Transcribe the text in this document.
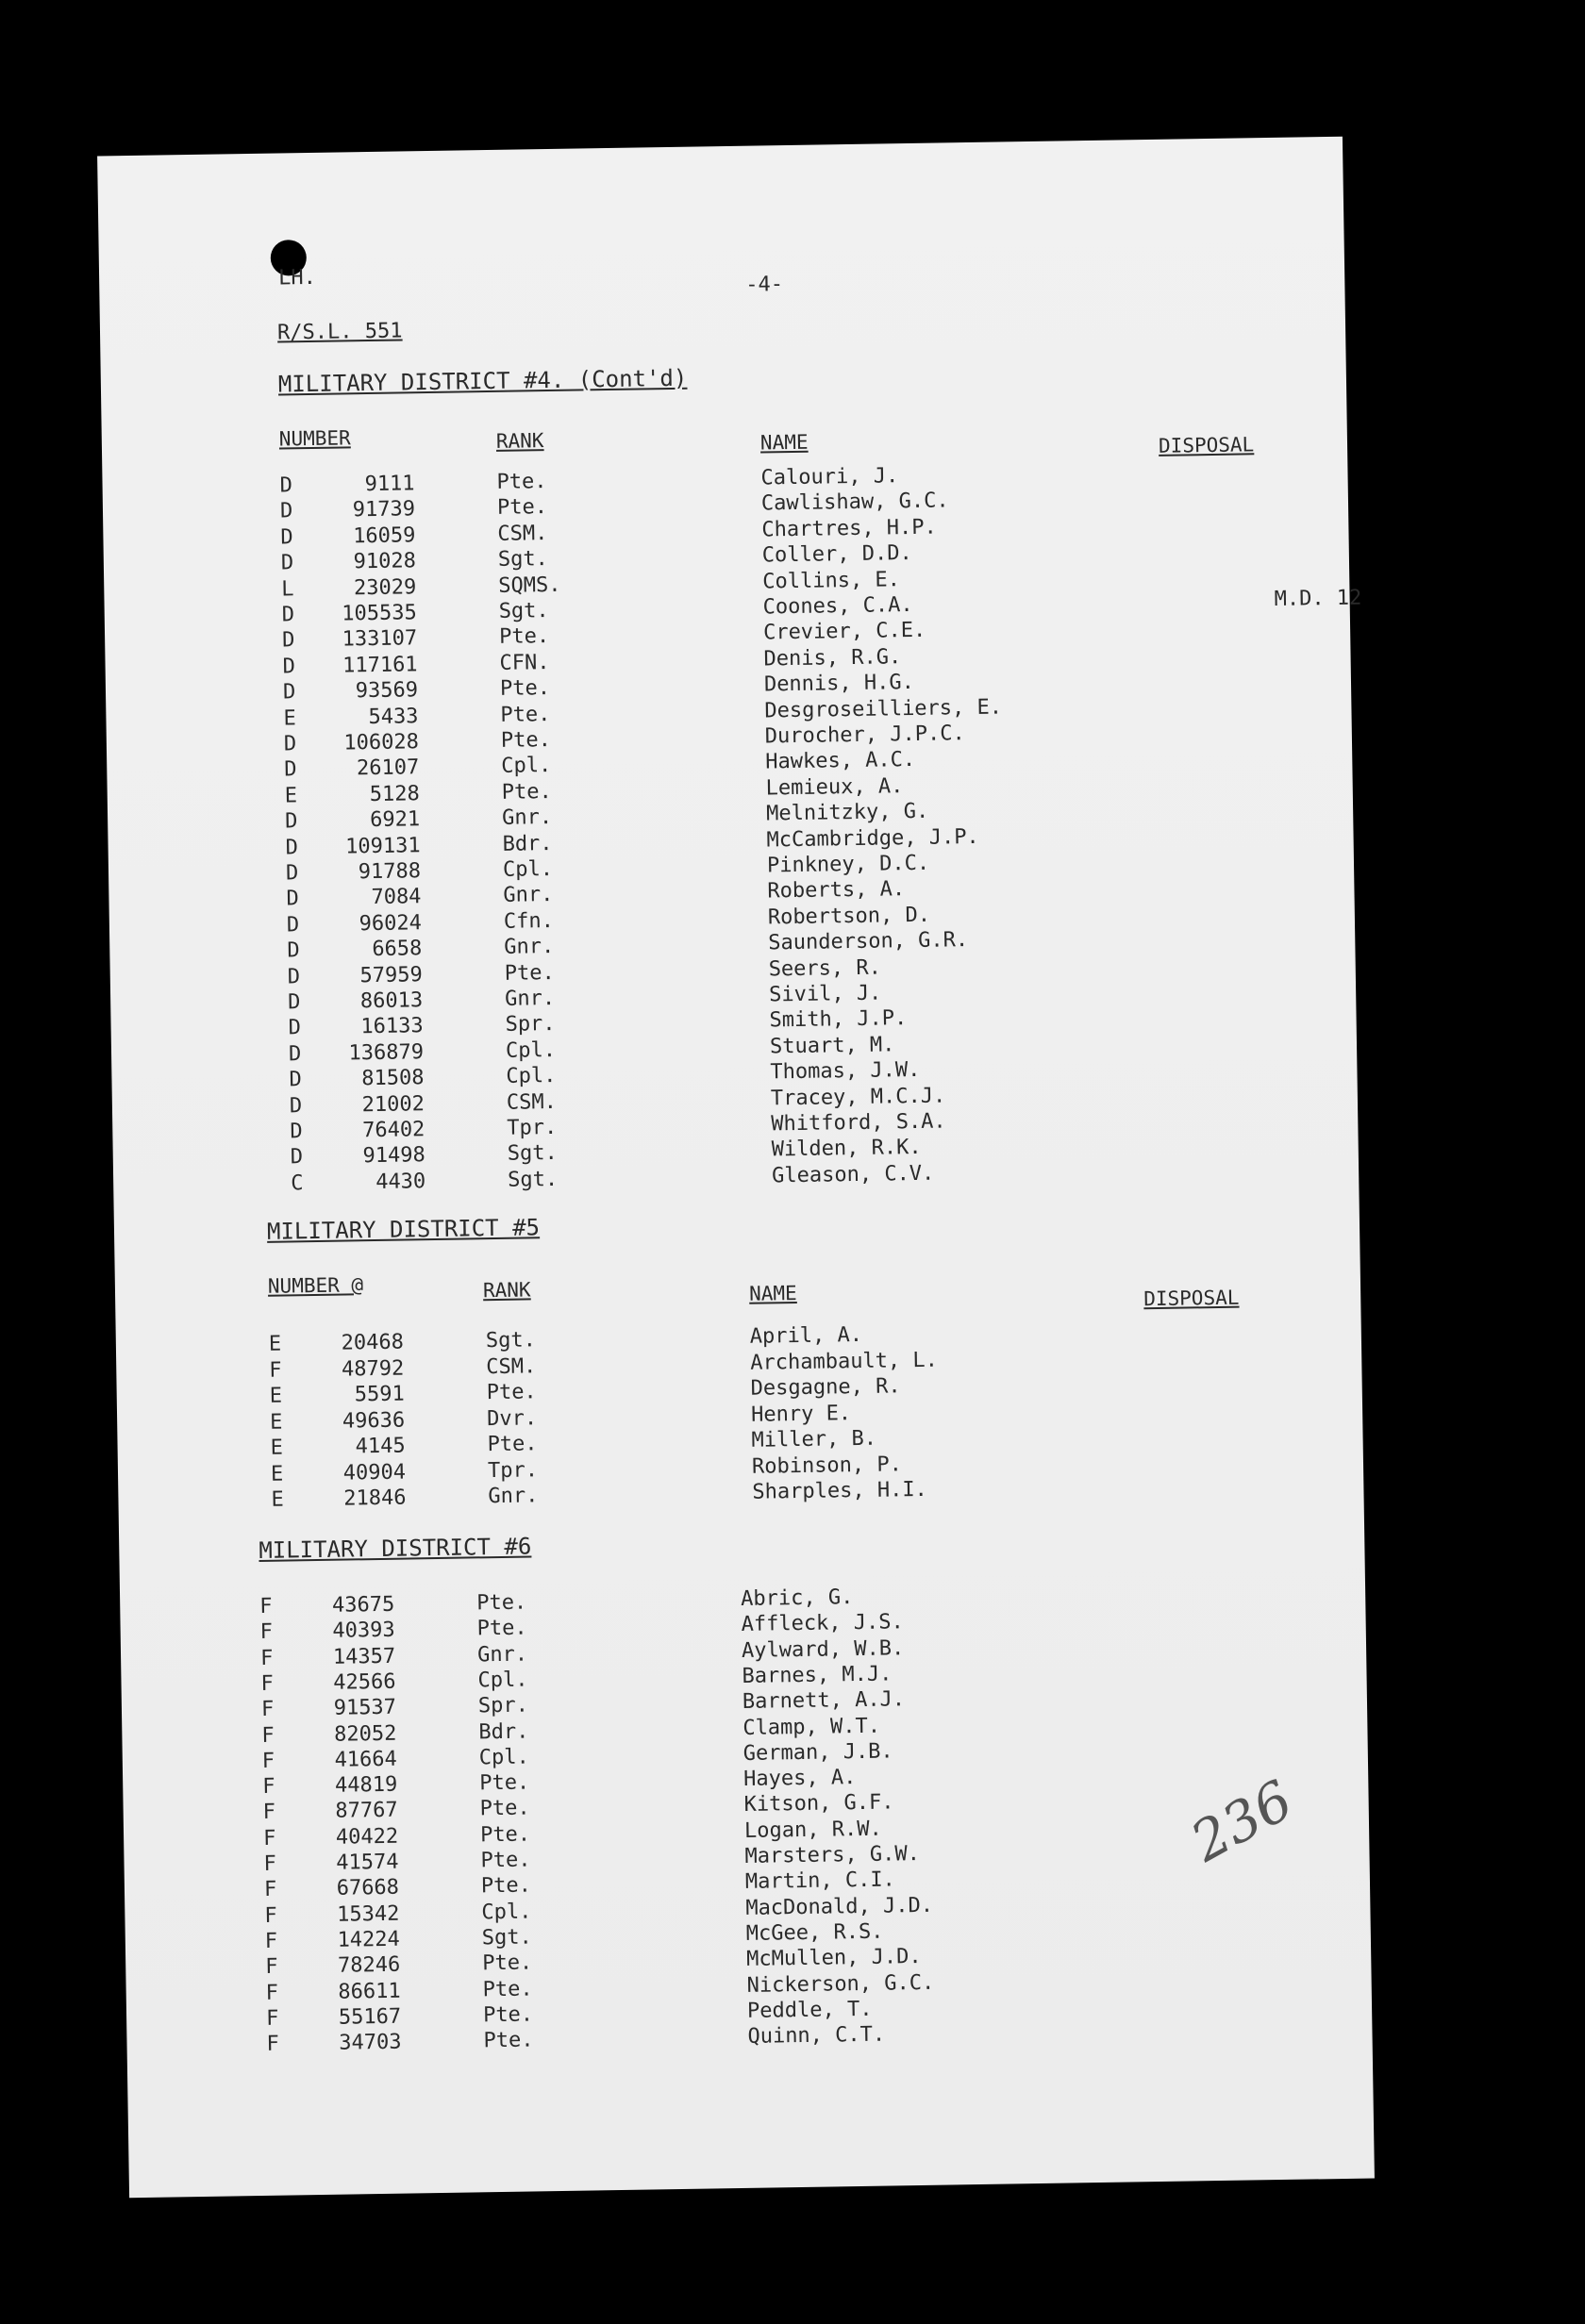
LH.	-4-
R/S.L. 551
MILITARY DISTRICT #4. (Cont'd)
NUMBER	RANK	NAME	DISPOSAL
D	9111	Pte.	Calouri, J.
D	91739	Pte.	Cawlishaw, G.C.
D	16059	CSM.	Chartres, H.P.
D	91028	Sgt.	Coller, D.D.
L	23029	SQMS.	Collins, E.
D	105535	Sgt.	Coones, C.A.	M.D. 12
D	133107	Pte.	Crevier, C.E.
D	117161	CFN.	Denis, R.G.
D	93569	Pte.	Dennis, H.G.
E	5433	Pte.	Desgroseilliers, E.
D	106028	Pte.	Durocher, J.P.C.
D	26107	Cpl.	Hawkes, A.C.
E	5128	Pte.	Lemieux, A.
D	6921	Gnr.	Melnitzky, G.
D	109131	Bdr.	McCambridge, J.P.
D	91788	Cpl.	Pinkney, D.C.
D	7084	Gnr.	Roberts, A.
D	96024	Cfn.	Robertson, D.
D	6658	Gnr.	Saunderson, G.R.
D	57959	Pte.	Seers, R.
D	86013	Gnr.	Sivil, J.
D	16133	Spr.	Smith, J.P.
D	136879	Cpl.	Stuart, M.
D	81508	Cpl.	Thomas, J.W.
D	21002	CSM.	Tracey, M.C.J.
D	76402	Tpr.	Whitford, S.A.
D	91498	Sgt.	Wilden, R.K.
C	4430	Sgt.	Gleason, C.V.
MILITARY DISTRICT #5
NUMBER @	RANK	NAME	DISPOSAL
E	20468	Sgt.	April, A.
F	48792	CSM.	Archambault, L.
E	5591	Pte.	Desgagne, R.
E	49636	Dvr.	Henry E.
E	4145	Pte.	Miller, B.
E	40904	Tpr.	Robinson, P.
E	21846	Gnr.	Sharples, H.I.
MILITARY DISTRICT #6
F	43675	Pte.	Abric, G.
F	40393	Pte.	Affleck, J.S.
F	14357	Gnr.	Aylward, W.B.
F	42566	Cpl.	Barnes, M.J.
F	91537	Spr.	Barnett, A.J.
F	82052	Bdr.	Clamp, W.T.
F	41664	Cpl.	German, J.B.
F	44819	Pte.	Hayes, A.
F	87767	Pte.	Kitson, G.F.
F	40422	Pte.	Logan, R.W.
F	41574	Pte.	Marsters, G.W.
F	67668	Pte.	Martin, C.I.
F	15342	Cpl.	MacDonald, J.D.
F	14224	Sgt.	McGee, R.S.
F	78246	Pte.	McMullen, J.D.
F	86611	Pte.	Nickerson, G.C.
F	55167	Pte.	Peddle, T.
F	34703	Pte.	Quinn, C.T.
236
